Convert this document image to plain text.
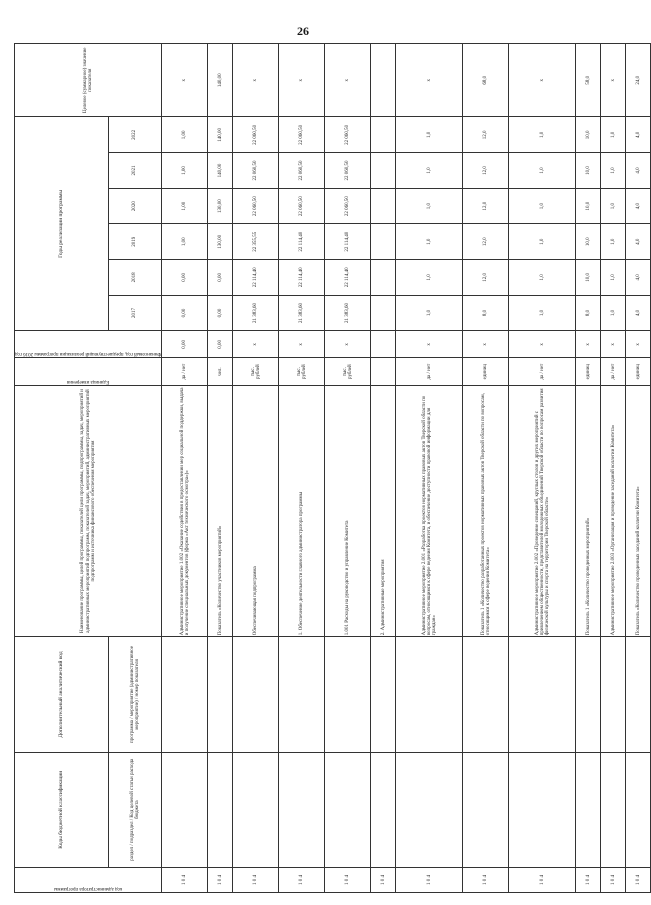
26
код администратора программы	Коды бюджетной классификации	Дополнительный аналитический код	Наименование программы, целей программы, показателей цели программы, подпрограммы, задач, мероприятий и административных мероприятий подпрограмм, показателей задач, мероприятий, административных мероприятий подпрограмм и источника финансового обеспечения мероприятия	Единица измерения	Финансовый год, предшествующий реализации программы 2016 год	Годы реализации программы						Целевое (суммарное) значение показателя
	раздел / подраздел / Код целевой статьи расхода бюджета	программа / мероприятие (административное мероприятие) / номер показателя				2017	2018	2019	2020	2021	2022	
1 0 4			Административное мероприятие 1.002 «Оказание содействия в предоставлении мер социальной поддержки, выдача и получение специальных документов (форма «Акт технического осмотра»)»	да / нет	0,00	0,00	0,00	1,00	1,00	1,00	1,00	х
1 0 4			Показатель «Количество участников мероприятий»	чел.	0,00	0,00	0,00	130,00	130,00	140,00	140,00	140,00
1 0 4			Обеспечивающая подпрограмма	тыс. рублей	х	21 383,60	22 114,40	22 355,55	22 060,50	22 060,50	22 060,50	х
1 0 4			1. Обеспечение деятельности главного администратора программы	тыс. рублей	х	21 383,60	22 114,40	22 114,40	22 060,50	22 060,50	22 060,50	х
1 0 4			1.001 Расходы на руководство и управление Комитета	тыс. рублей	х	21 383,60	22 114,40	22 114,40	22 060,50	22 060,50	22 060,50	х
1 0 4			2. Административные мероприятия									
1 0 4			Административное мероприятие 2.001 «Разработка проектов нормативных правовых актов Тверской области по вопросам, относящимся к сфере ведения Комитета, и обеспечение доступности правовой информации для граждан»	да / нет	х	1,0	1,0	1,0	1,0	1,0	1,0	х
1 0 4			Показатель 1 «Количество разработанных проектов нормативных правовых актов Тверской области по вопросам, относящимся к сфере ведения Комитета»	единиц	х	8,0	12,0	12,0	12,0	12,0	12,0	68,0
1 0 4			Административное мероприятие 2.002 «Проведение совещаний, круглых столов и других мероприятий с привлечением общественности, представителей молодежных объединений Тверской области по вопросам развития физической культуры и спорта на территории Тверской области»	да / нет	х	1,0	1,0	1,0	1,0	1,0	1,0	х
1 0 4			Показатель 1 «Количество проведенных мероприятий»	единиц	х	8,0	10,0	10,0	10,0	10,0	10,0	58,0
1 0 4			Административное мероприятие 2.003 «Организация и проведение заседаний коллегии Комитета»	да / нет	х	1,0	1,0	1,0	1,0	1,0	1,0	х
1 0 4			Показатель «Количество проведенных заседаний коллегии Комитета»	единиц	х	4,0	4,0	4,0	4,0	4,0	4,0	24,0
